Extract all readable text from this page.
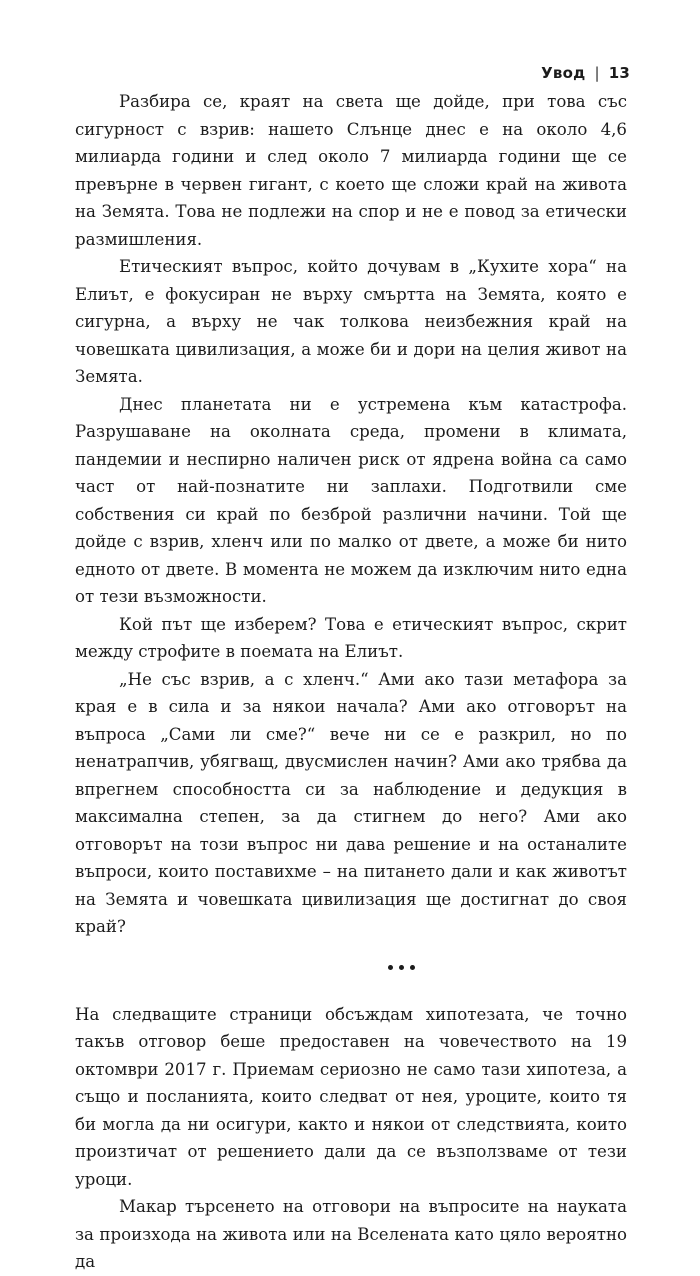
Увод | 13

Разбира се, краят на света ще дойде, при това със сигурност с взрив: нашето Слънце днес е на около 4,6 милиарда години и след около 7 милиарда години ще се превърне в червен гигант, с което ще сложи край на живота на Земята. Това не подлежи на спор и не е повод за етически размишления.

Етическият въпрос, който дочувам в „Кухите хора“ на Елиът, е фокусиран не върху смъртта на Земята, която е сигурна, а върху не чак толкова неизбежния край на човешката цивилизация, а може би и дори на целия живот на Земята.

Днес планетата ни е устремена към катастрофа. Разрушаване на околната среда, промени в климата, пандемии и неспирно наличен риск от ядрена война са само част от най-познатите ни заплахи. Подготвили сме собствения си край по безброй различни начини. Той ще дойде с взрив, хленч или по малко от двете, а може би нито едното от двете. В момента не можем да изключим нито една от тези възможности.

Кой път ще изберем? Това е етическият въпрос, скрит между строфите в поемата на Елиът.

„Не със взрив, а с хленч.“ Ами ако тази метафора за края е в сила и за някои начала? Ами ако отговорът на въпроса „Сами ли сме?“ вече ни се е разкрил, но по ненатрапчив, убягващ, двусмислен начин? Ами ако трябва да впрегнем способността си за наблюдение и дедукция в максимална степен, за да стигнем до него? Ами ако отговорът на този въпрос ни дава решение и на останалите въпроси, които поставихме – на питането дали и как животът на Земята и човешката цивилизация ще достигнат до своя край?

На следващите страници обсъждам хипотезата, че точно такъв отговор беше предоставен на човечеството на 19 октомври 2017 г. Приемам сериозно не само тази хипотеза, а също и посланията, които следват от нея, уроците, които тя би могла да ни осигури, както и някои от следствията, които произтичат от решението дали да се възползваме от тези уроци.

Макар търсенето на отговори на въпросите на науката за произхода на живота или на Вселената като цяло вероятно да
